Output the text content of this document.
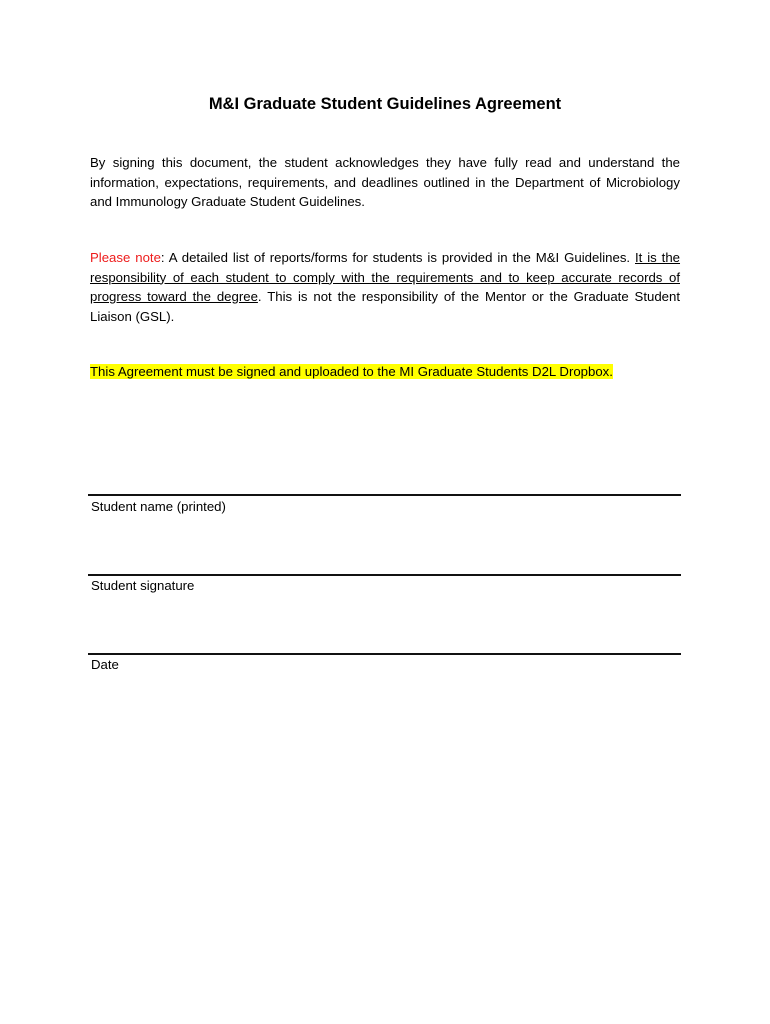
M&I Graduate Student Guidelines Agreement

By signing this document, the student acknowledges they have fully read and understand the information, expectations, requirements, and deadlines outlined in the Department of Microbiology and Immunology Graduate Student Guidelines.

Please note: A detailed list of reports/forms for students is provided in the M&I Guidelines. It is the responsibility of each student to comply with the requirements and to keep accurate records of progress toward the degree. This is not the responsibility of the Mentor or the Graduate Student Liaison (GSL).

This Agreement must be signed and uploaded to the MI Graduate Students D2L Dropbox.
Student name (printed)
Student signature
Date
